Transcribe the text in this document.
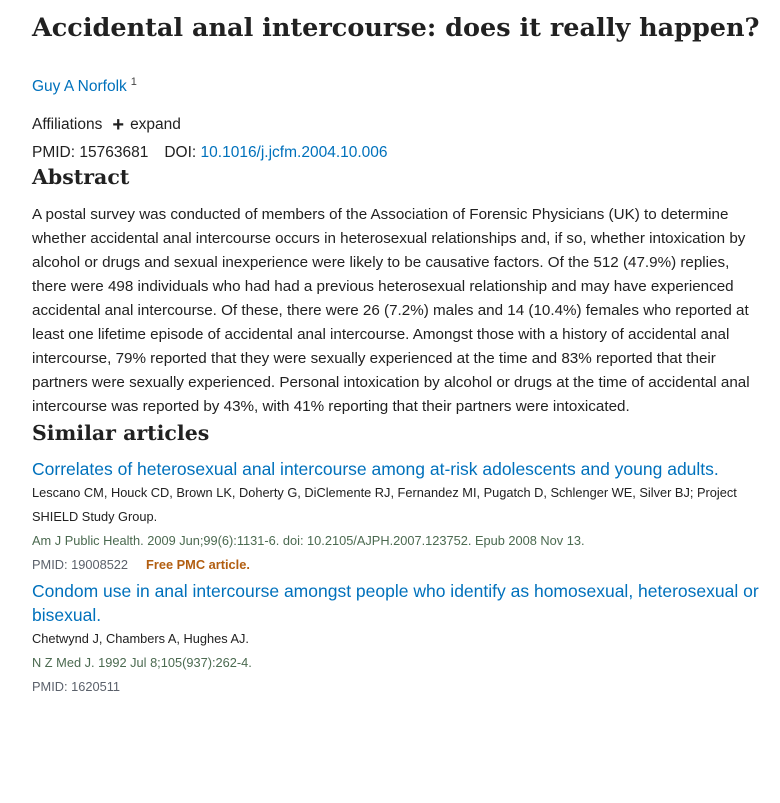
Accidental anal intercourse: does it really happen?
Guy A Norfolk $^1$
Affiliations + expand
PMID: 15763681 DOI: 10.1016/j.jcfm.2004.10.006
Abstract
A postal survey was conducted of members of the Association of Forensic Physicians (UK) to determine whether accidental anal intercourse occurs in heterosexual relationships and, if so, whether intoxication by alcohol or drugs and sexual inexperience were likely to be causative factors. Of the 512 (47.9%) replies, there were 498 individuals who had had a previous heterosexual relationship and may have experienced accidental anal intercourse. Of these, there were 26 (7.2%) males and 14 (10.4%) females who reported at least one lifetime episode of accidental anal intercourse. Amongst those with a history of accidental anal intercourse, 79% reported that they were sexually experienced at the time and 83% reported that their partners were sexually experienced. Personal intoxication by alcohol or drugs at the time of accidental anal intercourse was reported by 43%, with 41% reporting that their partners were intoxicated.
Similar articles
Correlates of heterosexual anal intercourse among at-risk adolescents and young adults.
Lescano CM, Houck CD, Brown LK, Doherty G, DiClemente RJ, Fernandez MI, Pugatch D, Schlenger WE, Silver BJ; Project SHIELD Study Group.
Am J Public Health. 2009 Jun;99(6):1131-6. doi: 10.2105/AJPH.2007.123752. Epub 2008 Nov 13.
PMID: 19008522 Free PMC article.
Condom use in anal intercourse amongst people who identify as homosexual, heterosexual or bisexual.
Chetwynd J, Chambers A, Hughes AJ.
N Z Med J. 1992 Jul 8;105(937):262-4.
PMID: 1620511
